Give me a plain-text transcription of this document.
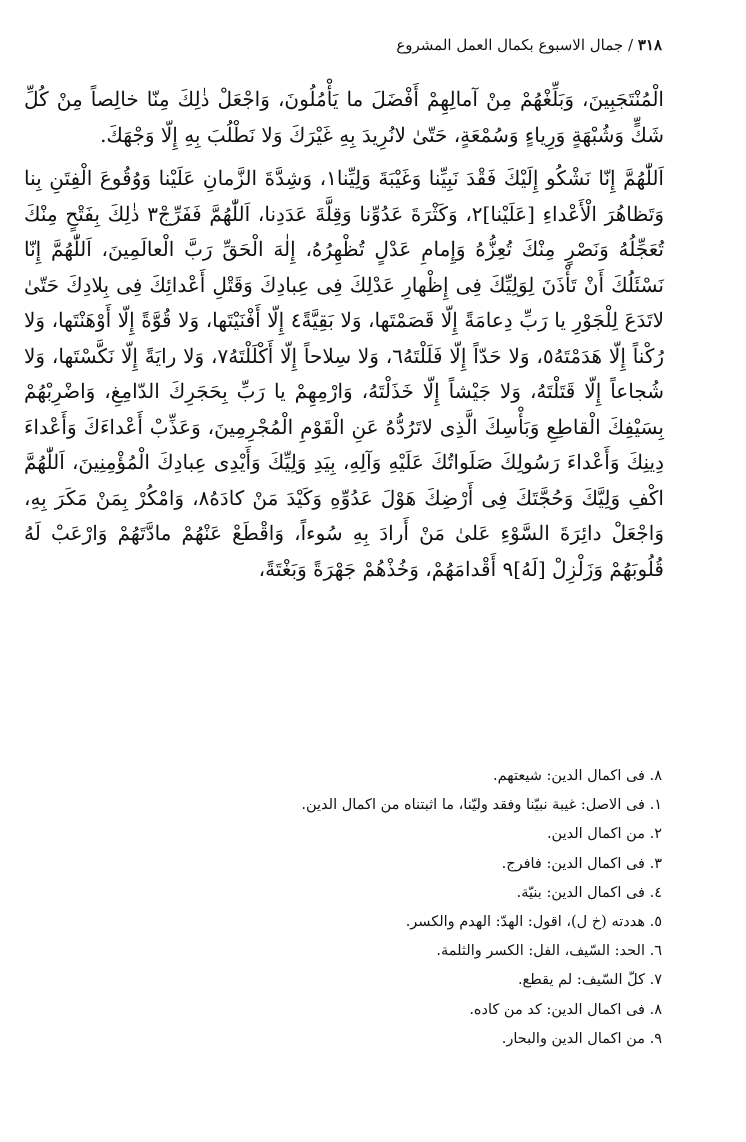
٣١٨ / جمال الاسبوع بكمال العمل المشروع

الْمُنْتَجَبِينَ، وَبَلِّغْهُمْ مِنْ آمالِهِمْ أَفْضَلَ ما يَأْمُلُونَ، وَاجْعَلْ ذٰلِكَ مِنّا خالِصاً مِنْ كُلِّ شَكٍّ وَشُبْهَةٍ وَرِياءٍ وَسُمْعَةٍ، حَتّىٰ لانُرِيدَ بِهِ غَيْرَكَ وَلا نَطْلُبَ بِهِ إِلّا وَجْهَكَ.

اَللّٰهُمَّ إِنّا نَشْكُو إِلَيْكَ فَقْدَ نَبِيِّنا وَغَيْبَةَ وَلِيِّنا١، وَشِدَّةَ الزَّمانِ عَلَيْنا وَوُقُوعَ الْفِتَنِ بِنا وَتَظاهُرَ الْأَعْداءِ [عَلَيْنا]٢، وَكَثْرَةَ عَدُوِّنا وَقِلَّةَ عَدَدِنا، اَللّٰهُمَّ فَفَرِّجْ٣ ذٰلِكَ بِفَتْحٍ مِنْكَ تُعَجِّلُهُ وَنَصْرٍ مِنْكَ تُعِزُّهُ وَإِمامِ عَدْلٍ تُظْهِرُهُ، إِلٰهَ الْحَقِّ رَبَّ الْعالَمِينَ، اَللّٰهُمَّ إِنّا نَسْئَلُكَ أَنْ تَأْذَنَ لِوَلِيِّكَ فِى إِظْهارِ عَدْلِكَ فِى عِبادِكَ وَقَتْلِ أَعْدائِكَ فِى بِلادِكَ حَتّىٰ لاتَدَعَ لِلْجَوْرِ يا رَبِّ دِعامَةً إِلّا قَصَمْتَها، وَلا بَقِيَّةً٤ إِلّا أَفْنَيْتَها، وَلا قُوَّةً إِلّا أَوْهَنْتَها، وَلا رُكْناً إِلّا هَدَمْتَهُ٥، وَلا حَدّاً إِلّا فَلَلْتَهُ٦، وَلا سِلاحاً إِلّا أَكْلَلْتَهُ٧، وَلا رايَةً إِلّا نَكَّسْتَها، وَلا شُجاعاً إِلّا قَتَلْتَهُ، وَلا جَيْشاً إِلّا خَذَلْتَهُ، وَارْمِهِمْ يا رَبِّ بِحَجَرِكَ الدّامِغِ، وَاضْرِبْهُمْ بِسَيْفِكَ الْقاطِعِ وَبَأْسِكَ الَّذِى لاتَرُدُّهُ عَنِ الْقَوْمِ الْمُجْرِمِينَ، وَعَذِّبْ أَعْداءَكَ وَأَعْداءَ دِينِكَ وَأَعْداءَ رَسُولِكَ صَلَواتُكَ عَلَيْهِ وَآلِهِ، بِيَدِ وَلِيِّكَ وَأَيْدِى عِبادِكَ الْمُؤْمِنِينَ، اَللّٰهُمَّ اكْفِ وَلِيَّكَ وَحُجَّتَكَ فِى أَرْضِكَ هَوْلَ عَدُوِّهِ وَكَيْدَ مَنْ كادَهُ٨، وَامْكُرْ بِمَنْ مَكَرَ بِهِ، وَاجْعَلْ دائِرَةَ السَّوْءِ عَلىٰ مَنْ أَرادَ بِهِ سُوءاً، وَاقْطَعْ عَنْهُمْ مادَّتَهُمْ وَارْعَبْ لَهُ قُلُوبَهُمْ وَزَلْزِلْ [لَهُ]٩ أَقْدامَهُمْ، وَخُذْهُمْ جَهْرَةً وَبَغْتَةً،

٨. فى اكمال الدين: شيعتهم.
١. فى الاصل: غيبة نبيّنا وفقد وليّنا، ما اثبتناه من اكمال الدين.
٢. من اكمال الدين.
٣. فى اكمال الدين: فافرج.
٤. فى اكمال الدين: بنيّة.
٥. هددته (خ ل)، اقول: الهدّ: الهدم والكسر.
٦. الحد: السّيف، الفل: الكسر والثلمة.
٧. كلّ السّيف: لم يقطع.
٨. فى اكمال الدين: كد من كاده.
٩. من اكمال الدين والبحار.
